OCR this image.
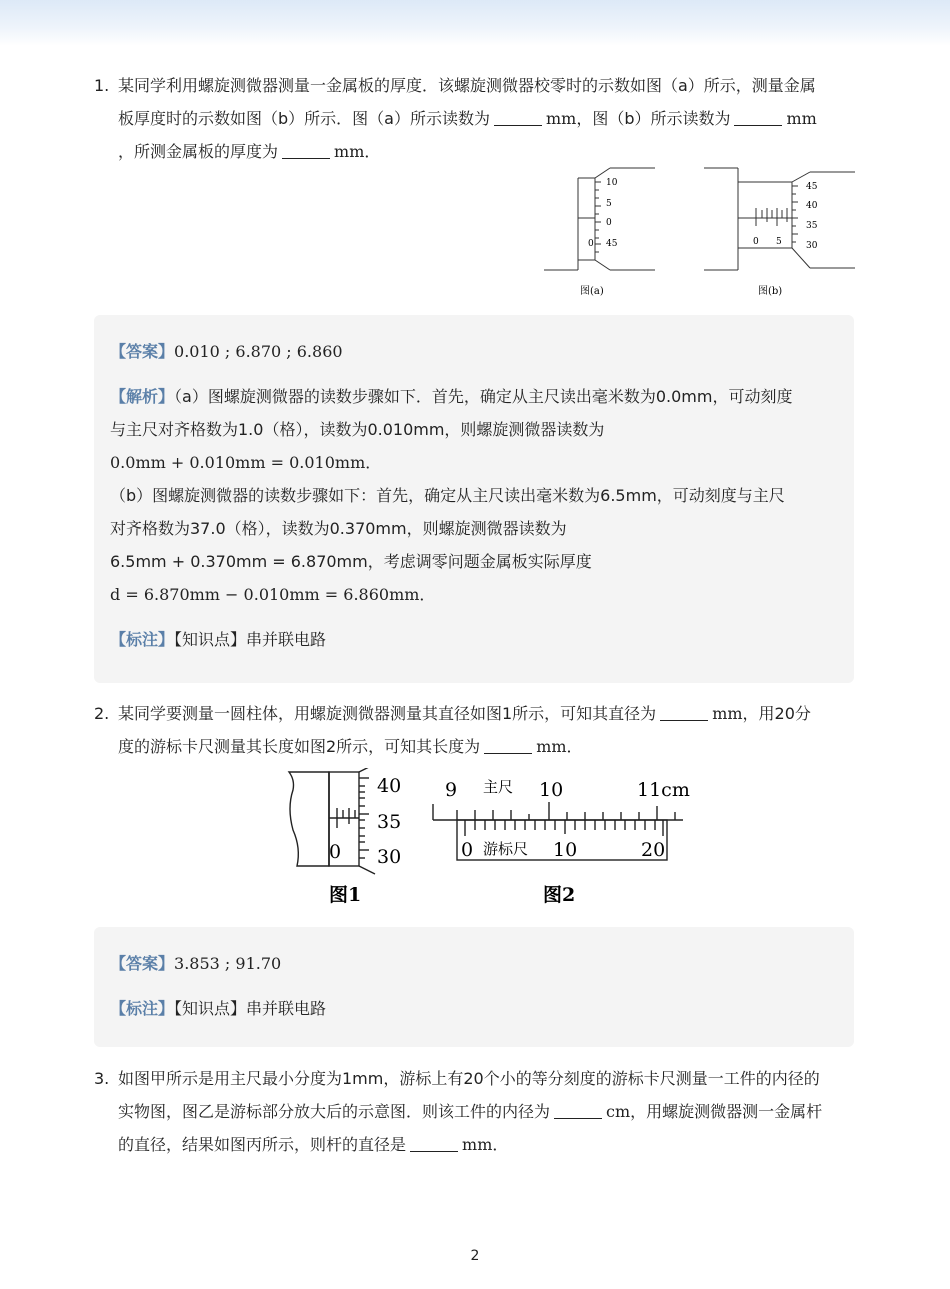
1. 某同学利用螺旋测微器测量一金属板的厚度．该螺旋测微器校零时的示数如图（a）所示，测量金属
板厚度时的示数如图（b）所示．图（a）所示读数为	mm，图（b）所示读数为	mm
，所测金属板的厚度为	mm．
10
5
0
45
0
图(a)
45
40
35
30
0 5
图(b)

【答案】0.010 ; 6.870 ; 6.860

【解析】（a）图螺旋测微器的读数步骤如下．首先，确定从主尺读出毫米数为0.0mm，可动刻度

与主尺对齐格数为1.0（格），读数为0.010mm，则螺旋测微器读数为

0.0mm + 0.010mm = 0.010mm．

（b）图螺旋测微器的读数步骤如下：首先，确定从主尺读出毫米数为6.5mm，可动刻度与主尺

对齐格数为37.0（格），读数为0.370mm，则螺旋测微器读数为

6.5mm + 0.370mm = 6.870mm，考虑调零问题金属板实际厚度

d = 6.870mm − 0.010mm = 6.860mm．

【标注】【知识点】串并联电路

2. 某同学要测量一圆柱体，用螺旋测微器测量其直径如图1所示，可知其直径为	mm，用20分
度的游标卡尺测量其长度如图2所示，可知其长度为	mm．
40
35
30
0
图1
9 主尺 10	11cm
0 游标尺 10	20
图2

【答案】3.853 ; 91.70

【标注】【知识点】串并联电路

3. 如图甲所示是用主尺最小分度为1mm，游标上有20个小的等分刻度的游标卡尺测量一工件的内径的
实物图，图乙是游标部分放大后的示意图．则该工件的内径为	cm，用螺旋测微器测一金属杆
的直径，结果如图丙所示，则杆的直径是	mm．
2
